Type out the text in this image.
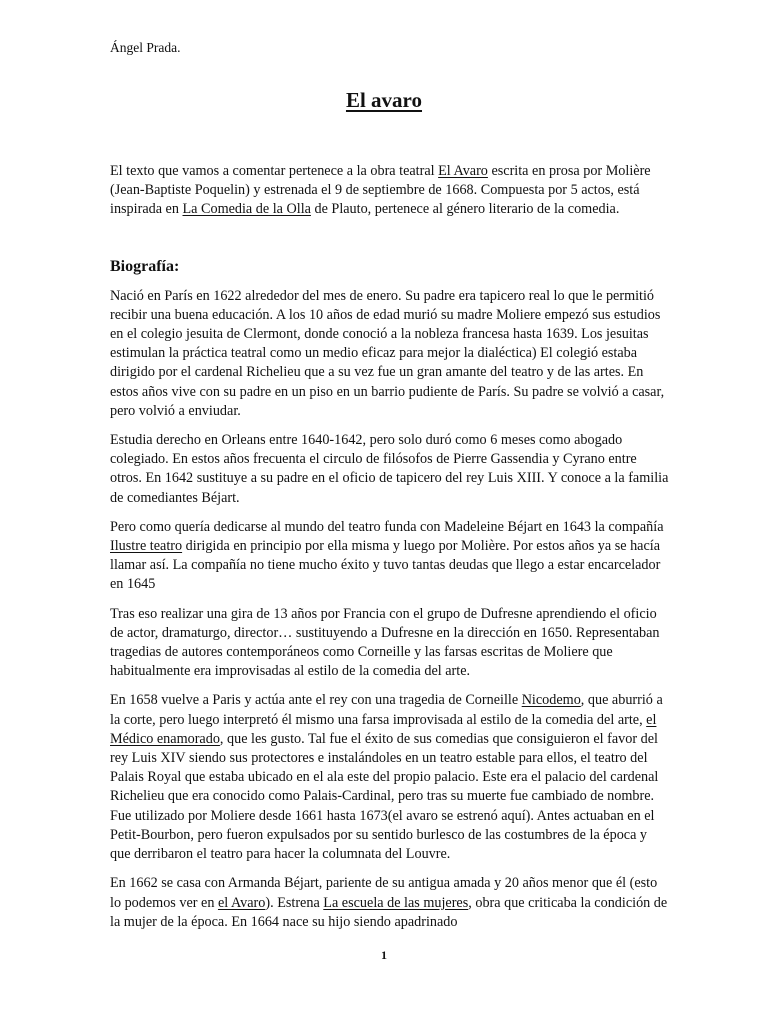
Ángel Prada.
El avaro

El texto que vamos a comentar pertenece a la obra teatral El Avaro escrita en prosa por Molière (Jean-Baptiste Poquelin) y estrenada el 9 de septiembre de 1668. Compuesta por 5 actos, está inspirada en La Comedia de la Olla de Plauto, pertenece al género literario de la comedia.

Biografía:

Nació en París en 1622 alrededor del mes de enero. Su padre era tapicero real lo que le permitió recibir una buena educación. A los 10 años de edad murió su madre Moliere empezó sus estudios en el colegio jesuita de Clermont, donde conoció a la nobleza francesa hasta 1639. Los jesuitas estimulan la práctica teatral como un medio eficaz para mejor la dialéctica) El colegió estaba dirigido por el cardenal Richelieu que a su vez fue un gran amante del teatro y de las artes. En estos años vive con su padre en un piso en un barrio pudiente de París. Su padre se volvió a casar, pero volvió a enviudar.

Estudia derecho en Orleans entre 1640-1642, pero solo duró como 6 meses como abogado colegiado. En estos años frecuenta el circulo de filósofos de Pierre Gassendia y Cyrano entre otros. En 1642 sustituye a su padre en el oficio de tapicero del rey Luis XIII. Y conoce a la familia de comediantes Béjart.

Pero como quería dedicarse al mundo del teatro funda con Madeleine Béjart en 1643 la compañía Ilustre teatro dirigida en principio por ella misma y luego por Molière. Por estos años ya se hacía llamar así. La compañía no tiene mucho éxito y tuvo tantas deudas que llego a estar encarcelador en 1645

Tras eso realizar una gira de 13 años por Francia con el grupo de Dufresne aprendiendo el oficio de actor, dramaturgo, director… sustituyendo a Dufresne en la dirección en 1650. Representaban tragedias de autores contemporáneos como Corneille y las farsas escritas de Moliere que habitualmente era improvisadas al estilo de la comedia del arte.

En 1658 vuelve a Paris y actúa ante el rey con una tragedia de Corneille Nicodemo, que aburrió a la corte, pero luego interpretó él mismo una farsa improvisada al estilo de la comedia del arte, el Médico enamorado, que les gusto. Tal fue el éxito de sus comedias que consiguieron el favor del rey Luis XIV siendo sus protectores e instalándoles en un teatro estable para ellos, el teatro del Palais Royal que estaba ubicado en el ala este del propio palacio. Este era el palacio del cardenal Richelieu que era conocido como Palais-Cardinal, pero tras su muerte fue cambiado de nombre. Fue utilizado por Moliere desde 1661 hasta 1673(el avaro se estrenó aquí). Antes actuaban en el Petit-Bourbon, pero fueron expulsados por su sentido burlesco de las costumbres de la época y que derribaron el teatro para hacer la columnata del Louvre.

En 1662 se casa con Armanda Béjart, pariente de su antigua amada y 20 años menor que él (esto lo podemos ver en el Avaro). Estrena La escuela de las mujeres, obra que criticaba la condición de la mujer de la época. En 1664 nace su hijo siendo apadrinado

1
